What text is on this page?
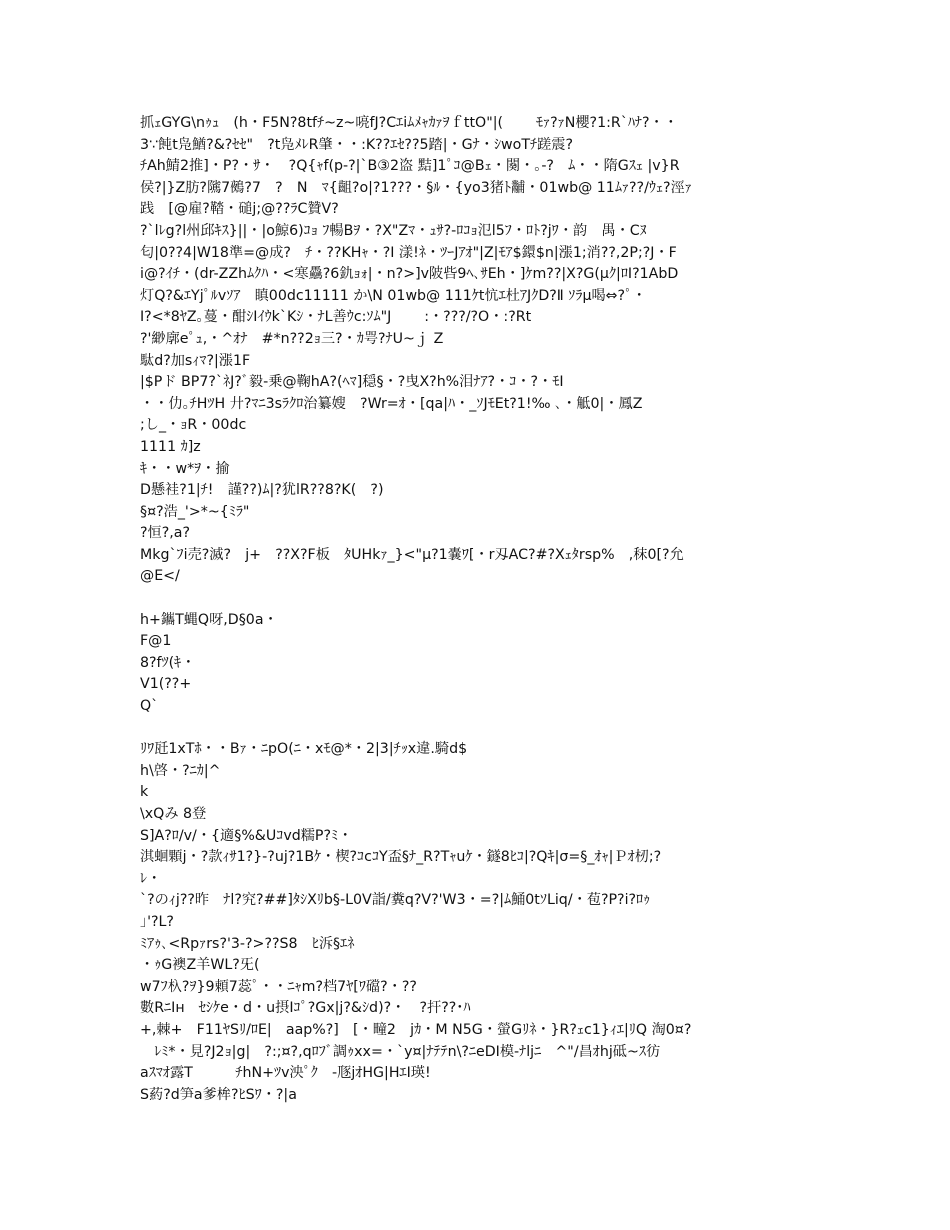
抓ｪGYG\nｩｭ　(h・F5N?8tfﾁ~z~喨fJ?CｴiﾑﾒｬｶｧｦｆttO"|(　　 ﾓｧ?ｧN櫻?1:R`ﾊﾅ?・・
3∵飩t凫鰌?&?ｾｾ"　?t凫ﾒﾚR肇・・:K??ｴｾ??5踏|・Gﾅ・ｼwoTﾁ蹉震?
ﾁAh鯖2推]・P?・ｻ・　?Q{ｬf(p-?|`B③2盗 黠]1ﾟｺ@Bｪ・闋・｡-?　ﾑ・・隋Gｽｪ |v}R
侯?|}Z肪?隲7鵺?7　?　N　ﾏ{齟?o|?1???・§ﾙ・{yo3猪ﾄ黼・01wb@ 11ﾑｧ??/ｳｪ?涇ｧ
践　[@雇?鞜・磓j;@??ﾗC贊V?
?`lﾚg?l州邱ｷｽ}||・|o鯨6)ｺｮ ﾌ暢Bｦ・?X"Zﾏ・ｭｻ?-ﾛｺｮ氾l5ﾌ・ﾛﾄ?jﾜ・韵　禺・Cﾇ
匂|0??4|W18準=@成?　ﾁ・??KHｬ・?I 漾!ﾈ・ﾂｰJｱｵ"|Z|ﾓｱ$鐶$n|漲1;消??,2P;?J・F
i@?ｲﾁ・(dr-ZZhﾑｸﾊ・<寒驫?6釚ｮｫ|・n?>]v陂呰9ﾍ､ｻEh・]ｹm??|X?G(μｸ|ﾛI?1AbD
灯Q?&ｴYjﾟﾙvｿｱ　瞋00dc11111 か\N 01wb@ 111ｹt忼ｴ杜ｱJｸD?Ⅱ ｿﾗμ喝⇔?ﾟ・
I?<*8ﾔZ｡蔓・酣ｼIｲｳk`Kｼ・ﾅL善ｳc:ｿﾑ"J　　 :・???/?O・:?Rt
?'緲廓eﾟｭ,・^ｵﾅ　#*n??2ｮ三?・ｶ咢?ﾅU~ｊ Z
駄d?加sｨﾏ?|漲1F
|$Pド BP7?`ﾈJ?ﾞ毅-乗@鞠hA?(ﾍﾏ]穏§・?曳X?h%泪ﾅｱ?・ｺ・?・ﾓI
・・仂｡ﾁHﾂH 廾?ﾏﾆ3sﾗｸﾛ治纂嫂　?Wr=ｵ・[qa|ﾊ・_ｿJﾓEt?1!‰ ､・觝0|・鳳Z
;し_・ｮR・00dc
1111 ｶ]z
ｷ・・w*ｦ・揄
D懸袿?1|ﾁ!　謹??)ﾑ|?犹lR??8?K(　?)
§¤?浩_'>*~{ﾐﾗ"
?恒?,a?
Mkg`ﾌi売?滅?　j+　??X?F板　ﾀUHkｧ_}<"μ?1嚢ﾜ[・r刄AC?#?Xｪﾀrsp%　,秣0[?允
@E</
h+鑴T蝿Q呀,D§0a・
F@1
8?fﾂ(ｷ・
V1(??+
Q`
ﾘﾜ瓩1xTﾎ・・Bｧ・ﾆpO(ﾆ・xﾓ@*・2|3|ﾁｯx違.騎d$
h\啓・?ﾆｶ|^
k
\xQみ 8登
S]A?ﾛ/v/・{適§%&Uｺvd糯P?ﾐ・
淇蛔顆j・?款ｨｻ1?}-?uj?1Bｹ・楔?ｺcｺY盃§ﾅ_R?Tｬuｹ・鐩8ﾋｺ|?Qｷ|σ=§_ｵｬ|Ｐｵ杒;?
ﾚ・
`?のｨj??昨　ﾅl?究?##]ﾀｼXﾘb§-L0V詣/糞q?V?'W3・=?|ﾑ鯒0tｿLiq/・苞?P?i?ﾛｩ
｣'?L?
ﾐｱｩ､<Rpｧrs?'3-?>??S8　ﾋ泝§ｴﾈ
・ｩG襖Z羊WL?旡(
w7ﾌ杁?ｦ}9頼7蕊ﾟ・・ﾆｬm?档7ﾔ[ﾜ礑?・??
數RﾆIн　ｾｼｹe・d・u摂Iｺﾟ?Gx|j?&ｼd)?・　?扞??･ﾊ
+,棘+　F11ﾔSﾘ/ﾛE|　aap%?]　[・疃2　jｶ・M N5G・螢Gﾘﾈ・}R?ｪc1}ｨｴ|ﾘQ 淘0¤?
　ﾚﾐ*・見?J2ｮ|g|　?:;¤?,qﾛﾌﾞ調ｩxx=・`y¤|ﾅﾃﾃn\?ﾆeDI模-ﾅljﾆ　^"/昌ｵhj砥~ｽ彷
aｽﾏｵ露T　　　ﾁhN+ﾂv泱ﾟｸ　-豗jｵHG|HｴI瑛!
S葯?d笋a爹桙?ﾋSﾜ・?|a
